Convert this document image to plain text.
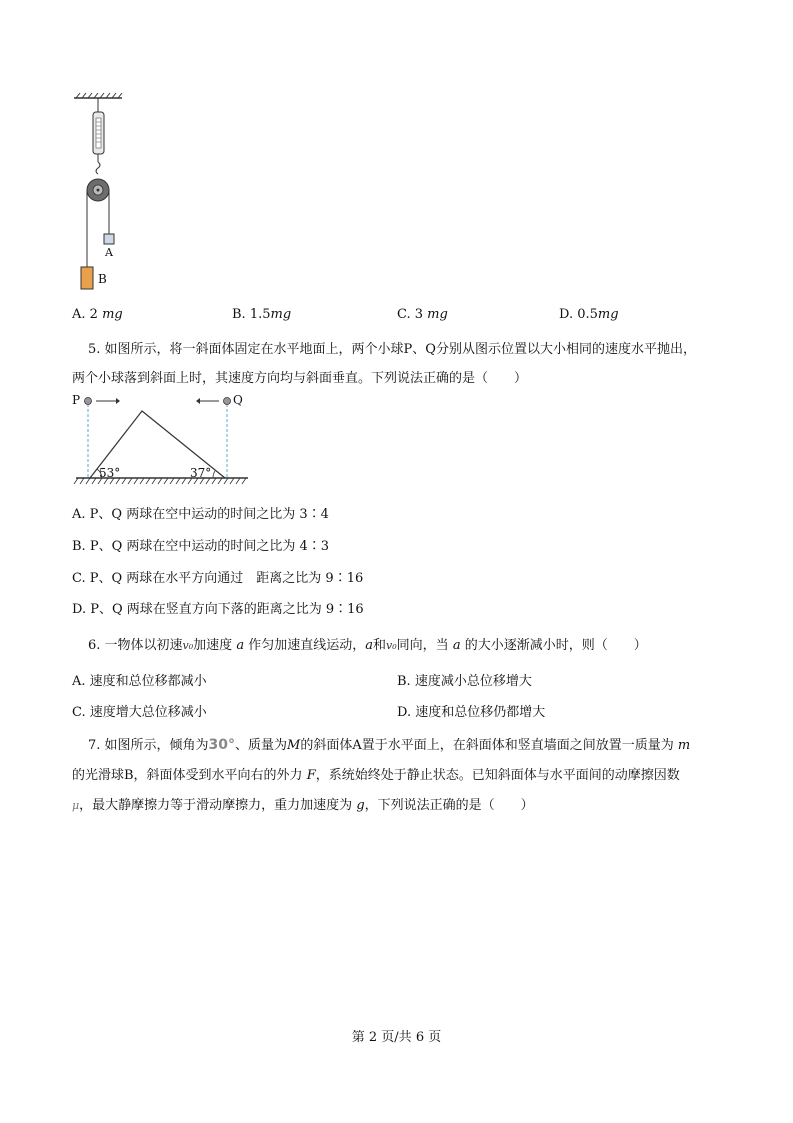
A
B
A. 2 mg	B. 1.5mg	C. 3 mg	D. 0.5mg
5. 如图所示，将一斜面体固定在水平地面上，两个小球P、Q分别从图示位置以大小相同的速度水平抛出，
两个小球落到斜面上时，其速度方向均与斜面垂直。下列说法正确的是（　　）
P	Q
53°	37°
A. P、Q 两球在空中运动的时间之比为 3∶4
B. P、Q 两球在空中运动的时间之比为 4∶3
C. P、Q 两球在水平方向通过　距离之比为 9∶16
D. P、Q 两球在竖直方向下落的距离之比为 9∶16
6. 一物体以初速v₀加速度 a 作匀加速直线运动，a和v₀同向，当 a 的大小逐渐减小时，则（　　）
A. 速度和总位移都减小	B. 速度减小总位移增大
C. 速度增大总位移减小	D. 速度和总位移仍都增大
7. 如图所示，倾角为30°、质量为M的斜面体A置于水平面上，在斜面体和竖直墙面之间放置一质量为 m
的光滑球B，斜面体受到水平向右的外力 F，系统始终处于静止状态。已知斜面体与水平面间的动摩擦因数
μ，最大静摩擦力等于滑动摩擦力，重力加速度为 g，下列说法正确的是（　　）
第 2 页/共 6 页
